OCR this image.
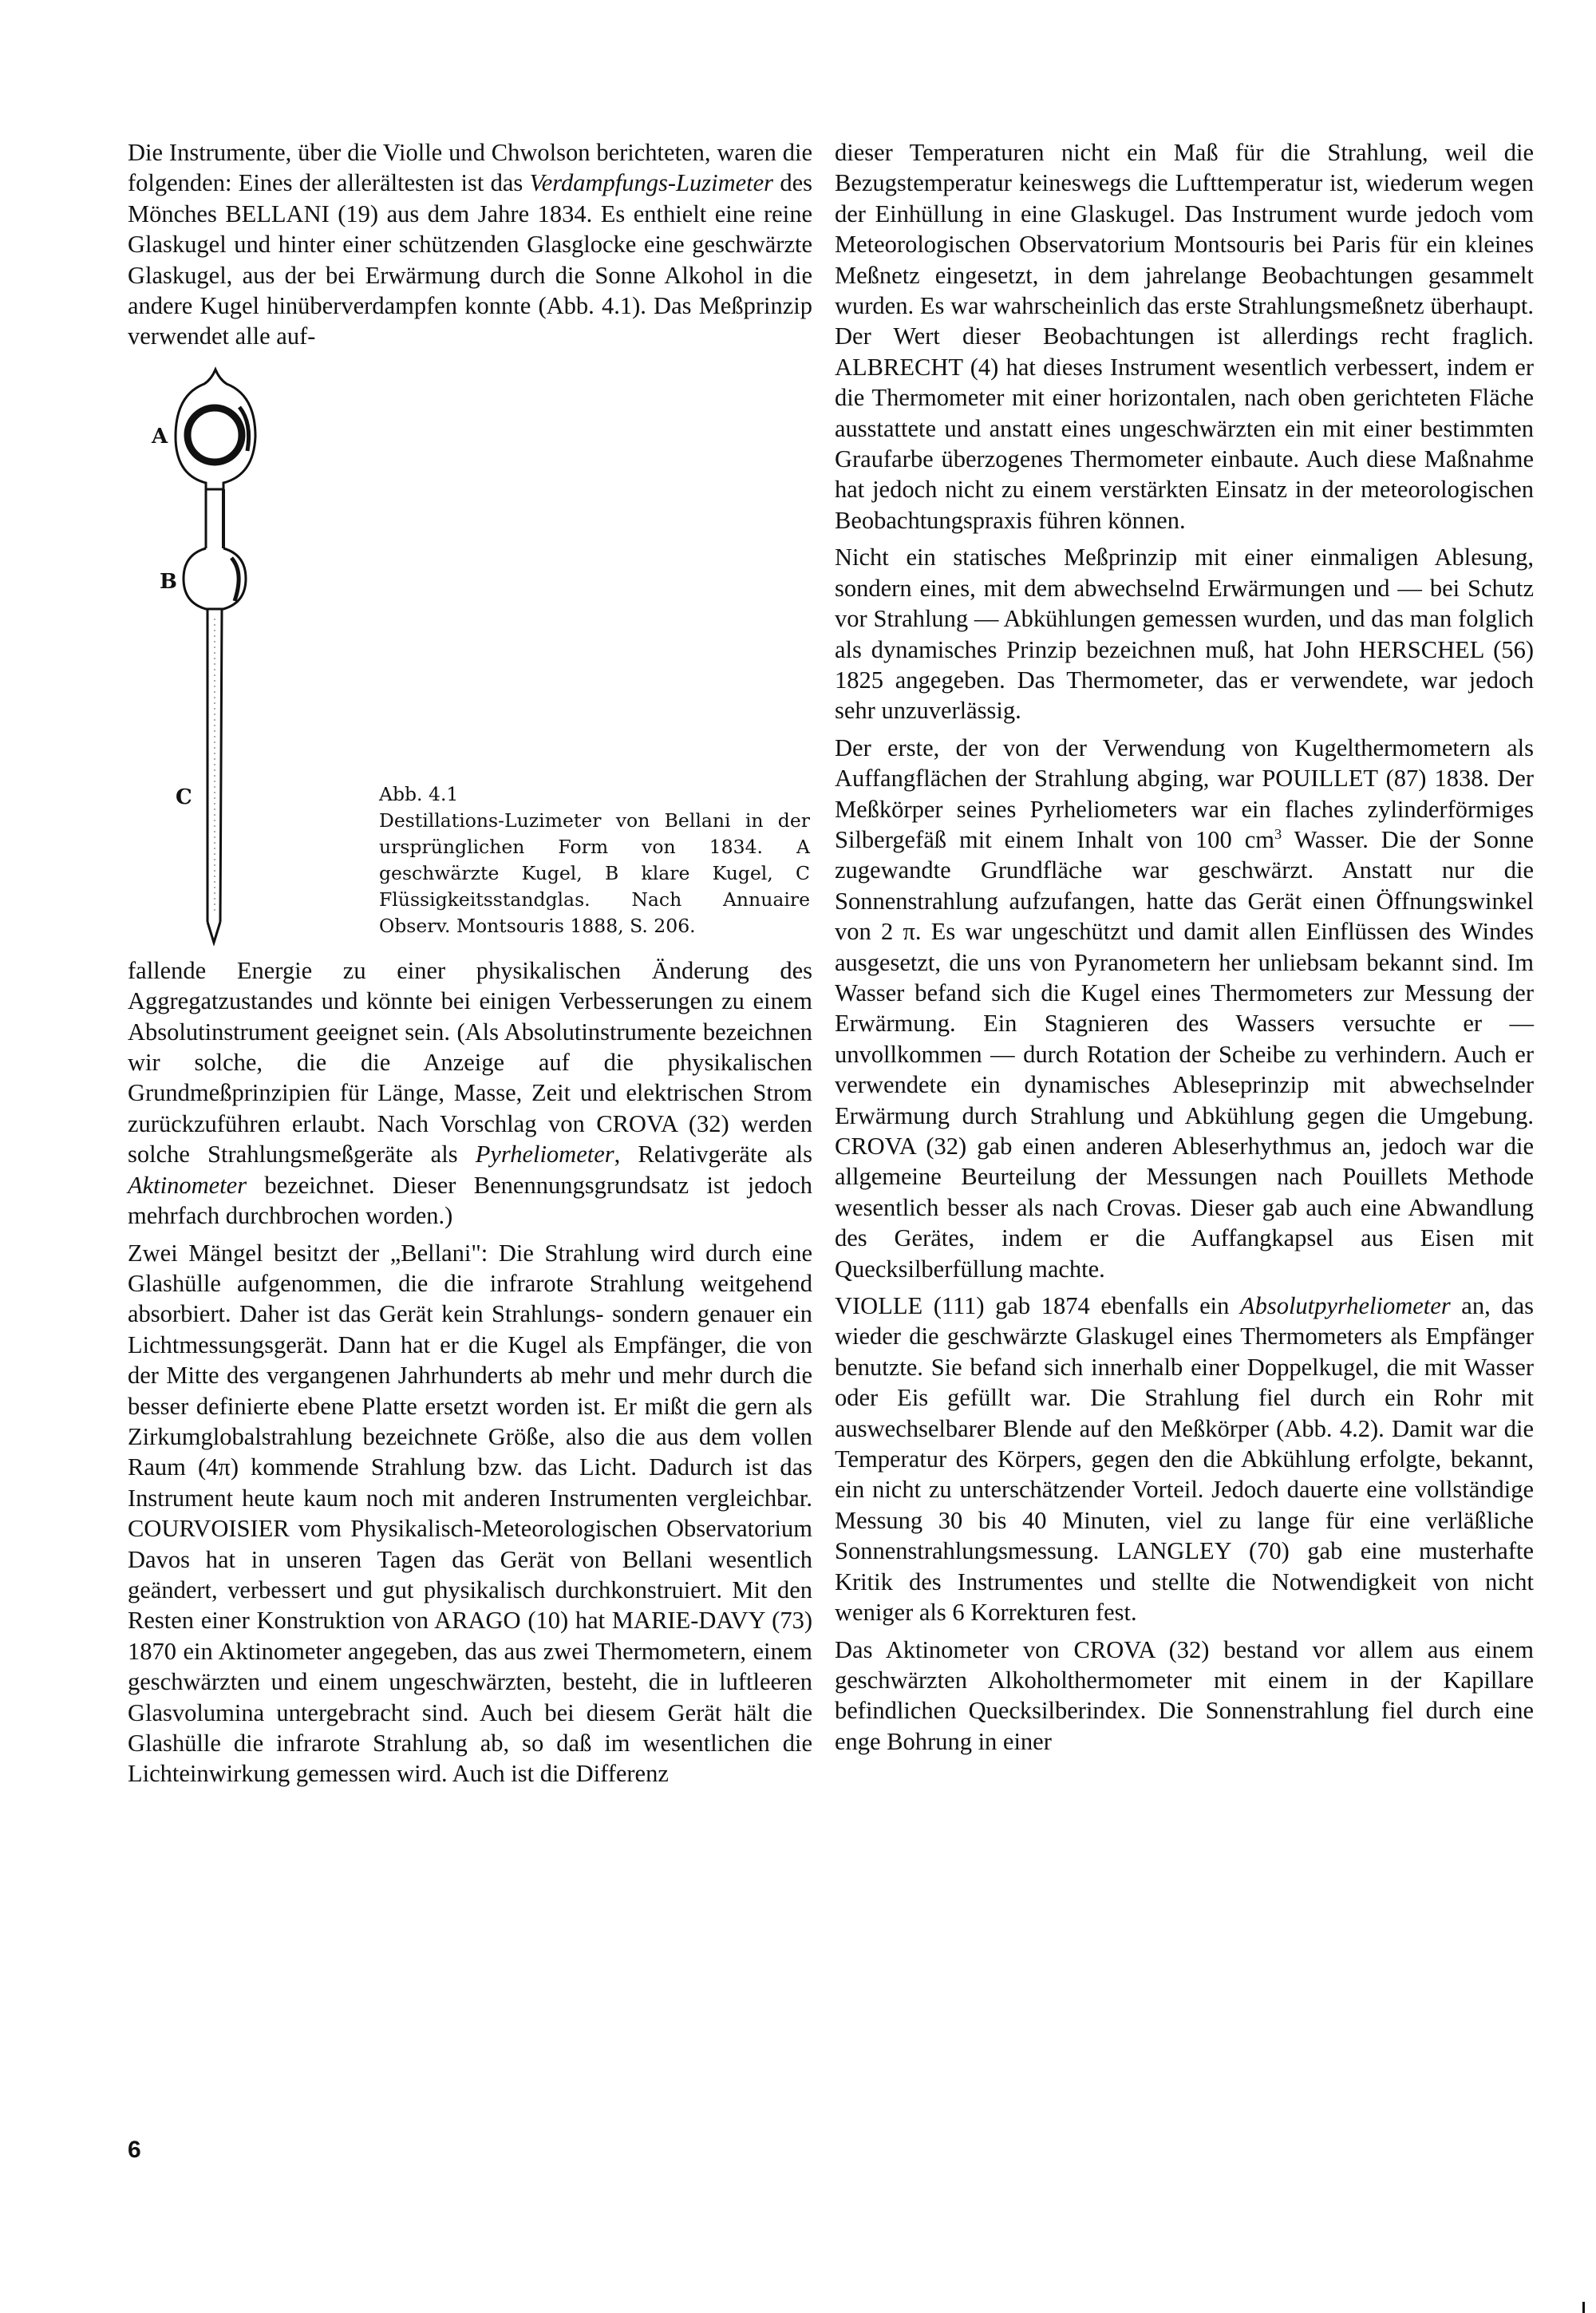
Die Instrumente, über die Violle und Chwolson berichteten, waren die folgenden: Eines der allerältesten ist das Verdampfungs-Luzimeter des Mönches BELLANI (19) aus dem Jahre 1834. Es enthielt eine reine Glaskugel und hinter einer schützenden Glasglocke eine geschwärzte Glaskugel, aus der bei Erwärmung durch die Sonne Alkohol in die andere Kugel hinüberverdampfen konnte (Abb. 4.1). Das Meßprinzip verwendet alle auf-

A
B
C	Abb. 4.1
Destillations-Luzimeter von Bellani in der ursprünglichen Form von 1834. A geschwärzte Kugel, B klare Kugel, C Flüssigkeitsstandglas. Nach Annuaire Observ. Montsouris 1888, S. 206.

fallende Energie zu einer physikalischen Änderung des Aggregatzustandes und könnte bei einigen Verbesserungen zu einem Absolutinstrument geeignet sein. (Als Absolutinstrumente bezeichnen wir solche, die die Anzeige auf die physikalischen Grundmeßprinzipien für Länge, Masse, Zeit und elektrischen Strom zurückzuführen erlaubt. Nach Vorschlag von CROVA (32) werden solche Strahlungsmeßgeräte als Pyrheliometer, Relativgeräte als Aktinometer bezeichnet. Dieser Benennungsgrundsatz ist jedoch mehrfach durchbrochen worden.)

Zwei Mängel besitzt der „Bellani": Die Strahlung wird durch eine Glashülle aufgenommen, die die infrarote Strahlung weitgehend absorbiert. Daher ist das Gerät kein Strahlungs- sondern genauer ein Lichtmessungsgerät. Dann hat er die Kugel als Empfänger, die von der Mitte des vergangenen Jahrhunderts ab mehr und mehr durch die besser definierte ebene Platte ersetzt worden ist. Er mißt die gern als Zirkumglobalstrahlung bezeichnete Größe, also die aus dem vollen Raum (4π) kommende Strahlung bzw. das Licht. Dadurch ist das Instrument heute kaum noch mit anderen Instrumenten vergleichbar. COURVOISIER vom Physikalisch-Meteorologischen Observatorium Davos hat in unseren Tagen das Gerät von Bellani wesentlich geändert, verbessert und gut physikalisch durchkonstruiert. Mit den Resten einer Konstruktion von ARAGO (10) hat MARIE-DAVY (73) 1870 ein Aktinometer angegeben, das aus zwei Thermometern, einem geschwärzten und einem ungeschwärzten, besteht, die in luftleeren Glasvolumina untergebracht sind. Auch bei diesem Gerät hält die Glashülle die infrarote Strahlung ab, so daß im wesentlichen die Lichteinwirkung gemessen wird. Auch ist die Differenz

dieser Temperaturen nicht ein Maß für die Strahlung, weil die Bezugstemperatur keineswegs die Lufttemperatur ist, wiederum wegen der Einhüllung in eine Glaskugel. Das Instrument wurde jedoch vom Meteorologischen Observatorium Montsouris bei Paris für ein kleines Meßnetz eingesetzt, in dem jahrelange Beobachtungen gesammelt wurden. Es war wahrscheinlich das erste Strahlungsmeßnetz überhaupt. Der Wert dieser Beobachtungen ist allerdings recht fraglich. ALBRECHT (4) hat dieses Instrument wesentlich verbessert, indem er die Thermometer mit einer horizontalen, nach oben gerichteten Fläche ausstattete und anstatt eines ungeschwärzten ein mit einer bestimmten Graufarbe überzogenes Thermometer einbaute. Auch diese Maßnahme hat jedoch nicht zu einem verstärkten Einsatz in der meteorologischen Beobachtungspraxis führen können.

Nicht ein statisches Meßprinzip mit einer einmaligen Ablesung, sondern eines, mit dem abwechselnd Erwärmungen und — bei Schutz vor Strahlung — Abkühlungen gemessen wurden, und das man folglich als dynamisches Prinzip bezeichnen muß, hat John HERSCHEL (56) 1825 angegeben. Das Thermometer, das er verwendete, war jedoch sehr unzuverlässig.

Der erste, der von der Verwendung von Kugelthermometern als Auffangflächen der Strahlung abging, war POUILLET (87) 1838. Der Meßkörper seines Pyrheliometers war ein flaches zylinderförmiges Silbergefäß mit einem Inhalt von 100 $cm^3$ Wasser. Die der Sonne zugewandte Grundfläche war geschwärzt. Anstatt nur die Sonnenstrahlung aufzufangen, hatte das Gerät einen Öffnungswinkel von 2 π. Es war ungeschützt und damit allen Einflüssen des Windes ausgesetzt, die uns von Pyranometern her unliebsam bekannt sind. Im Wasser befand sich die Kugel eines Thermometers zur Messung der Erwärmung. Ein Stagnieren des Wassers versuchte er — unvollkommen — durch Rotation der Scheibe zu verhindern. Auch er verwendete ein dynamisches Ableseprinzip mit abwechselnder Erwärmung durch Strahlung und Abkühlung gegen die Umgebung. CROVA (32) gab einen anderen Ableserhythmus an, jedoch war die allgemeine Beurteilung der Messungen nach Pouillets Methode wesentlich besser als nach Crovas. Dieser gab auch eine Abwandlung des Gerätes, indem er die Auffangkapsel aus Eisen mit Quecksilberfüllung machte.

VIOLLE (111) gab 1874 ebenfalls ein Absolutpyrheliometer an, das wieder die geschwärzte Glaskugel eines Thermometers als Empfänger benutzte. Sie befand sich innerhalb einer Doppelkugel, die mit Wasser oder Eis gefüllt war. Die Strahlung fiel durch ein Rohr mit auswechselbarer Blende auf den Meßkörper (Abb. 4.2). Damit war die Temperatur des Körpers, gegen den die Abkühlung erfolgte, bekannt, ein nicht zu unterschätzender Vorteil. Jedoch dauerte eine vollständige Messung 30 bis 40 Minuten, viel zu lange für eine verläßliche Sonnenstrahlungsmessung. LANGLEY (70) gab eine musterhafte Kritik des Instrumentes und stellte die Notwendigkeit von nicht weniger als 6 Korrekturen fest.

Das Aktinometer von CROVA (32) bestand vor allem aus einem geschwärzten Alkoholthermometer mit einem in der Kapillare befindlichen Quecksilberindex. Die Sonnenstrahlung fiel durch eine enge Bohrung in einer

6
